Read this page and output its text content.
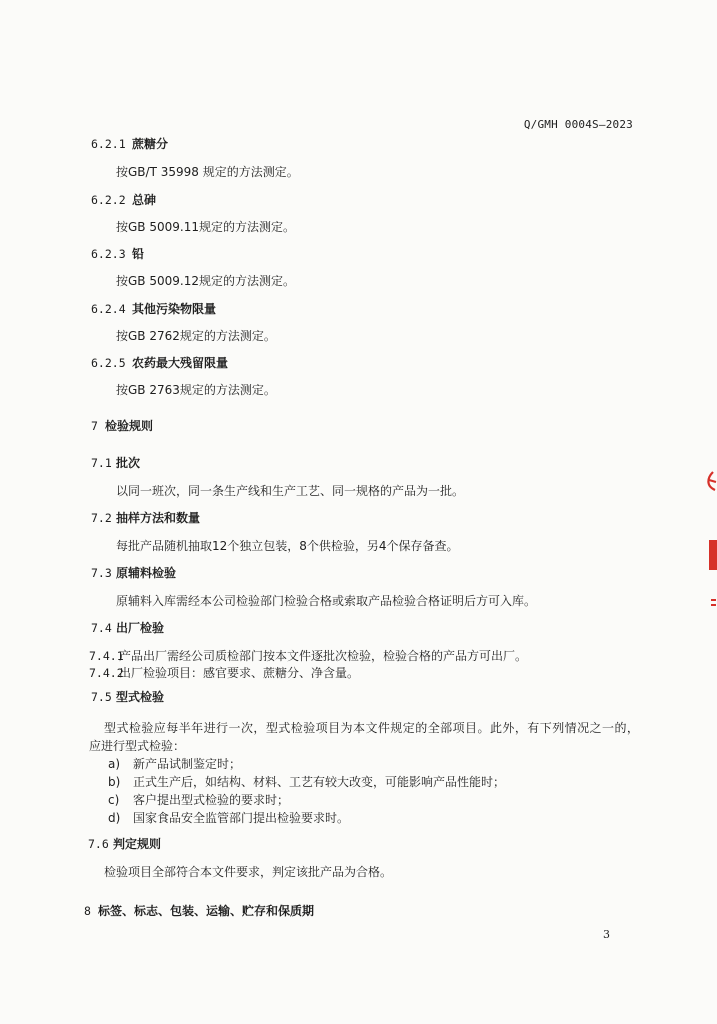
Q/GMH 0004S—2023
6.2.1 蔗糖分
按GB/T 35998 规定的方法测定。
6.2.2 总砷
按GB 5009.11规定的方法测定。
6.2.3 铅
按GB 5009.12规定的方法测定。
6.2.4 其他污染物限量
按GB 2762规定的方法测定。
6.2.5 农药最大残留限量
按GB 2763规定的方法测定。
7 检验规则
7.1 批次
以同一班次，同一条生产线和生产工艺、同一规格的产品为一批。
7.2 抽样方法和数量
每批产品随机抽取12个独立包装，8个供检验，另4个保存备查。
7.3 原辅料检验
原辅料入库需经本公司检验部门检验合格或索取产品检验合格证明后方可入库。
7.4 出厂检验
7.4.1产品出厂需经公司质检部门按本文件逐批次检验，检验合格的产品方可出厂。
7.4.2出厂检验项目：感官要求、蔗糖分、净含量。
7.5 型式检验
型式检验应每半年进行一次，型式检验项目为本文件规定的全部项目。此外，有下列情况之一的，
应进行型式检验：
a) 新产品试制鉴定时；
b) 正式生产后，如结构、材料、工艺有较大改变，可能影响产品性能时；
c) 客户提出型式检验的要求时；
d) 国家食品安全监管部门提出检验要求时。
7.6 判定规则
检验项目全部符合本文件要求，判定该批产品为合格。
8 标签、标志、包装、运输、贮存和保质期
3
